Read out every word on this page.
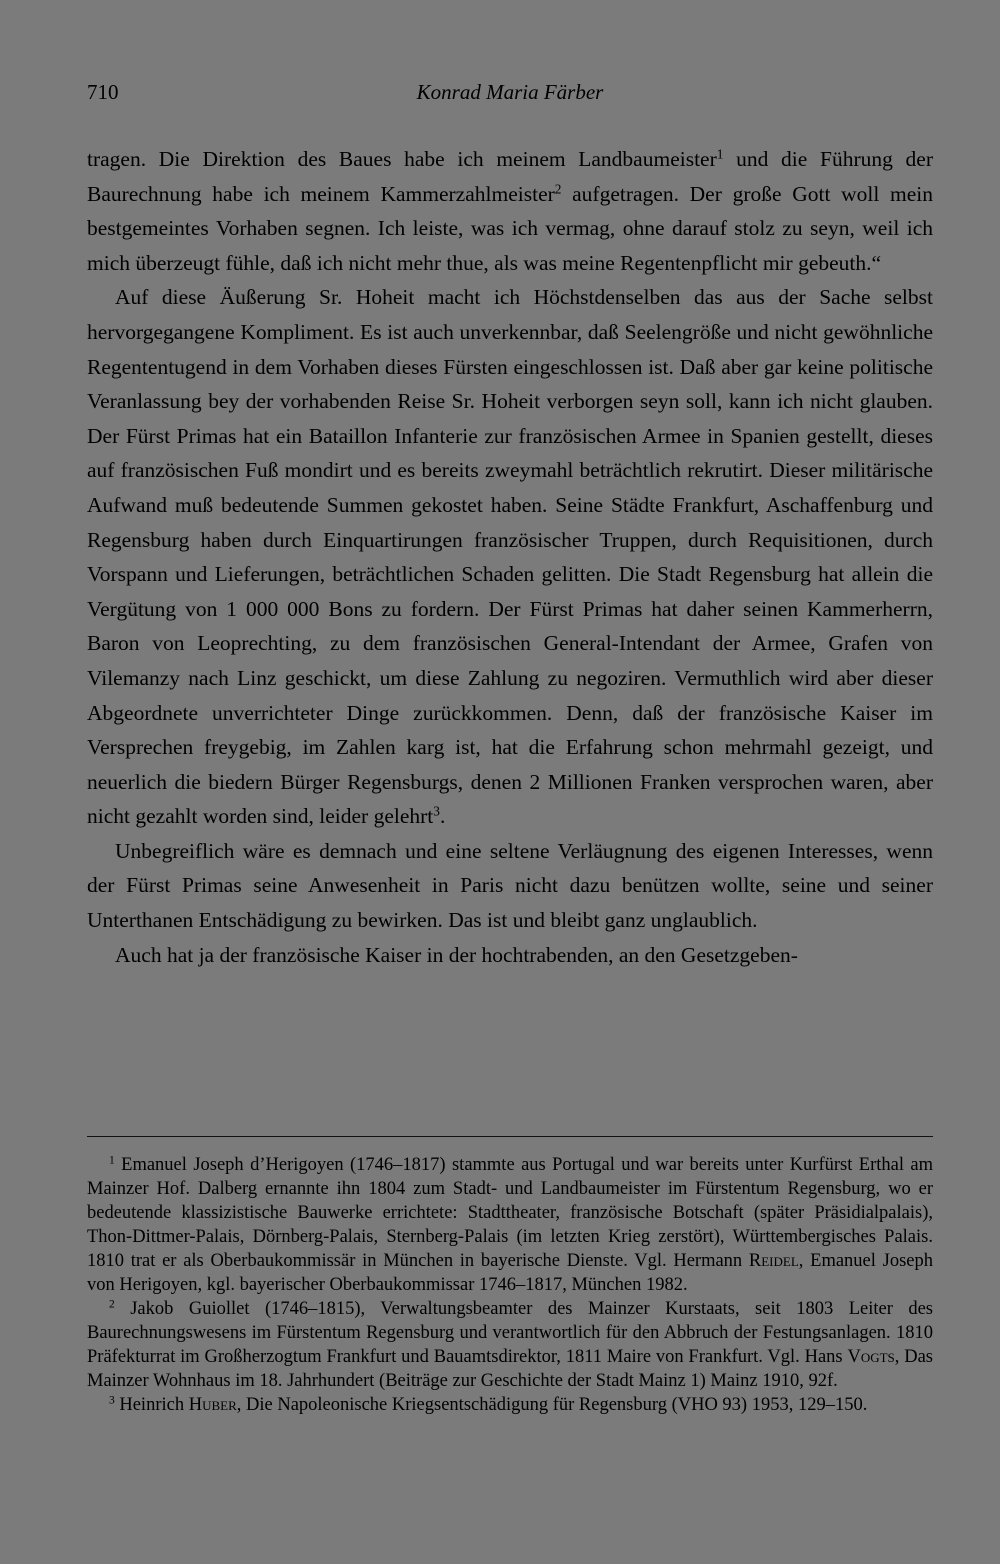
710	Konrad Maria Färber

tragen. Die Direktion des Baues habe ich meinem Landbaumeister$^1$ und die Führung der Baurechnung habe ich meinem Kammerzahlmeister$^2$ aufgetragen. Der große Gott woll mein bestgemeintes Vorhaben segnen. Ich leiste, was ich vermag, ohne darauf stolz zu seyn, weil ich mich überzeugt fühle, daß ich nicht mehr thue, als was meine Regentenpflicht mir gebeuth.“

Auf diese Äußerung Sr. Hoheit macht ich Höchstdenselben das aus der Sache selbst hervorgegangene Kompliment. Es ist auch unverkennbar, daß Seelengröße und nicht gewöhnliche Regententugend in dem Vorhaben dieses Fürsten eingeschlossen ist. Daß aber gar keine politische Veranlassung bey der vorhabenden Reise Sr. Hoheit verborgen seyn soll, kann ich nicht glauben. Der Fürst Primas hat ein Bataillon Infanterie zur französischen Armee in Spanien gestellt, dieses auf französischen Fuß mondirt und es bereits zweymahl beträchtlich rekrutirt. Dieser militärische Aufwand muß bedeutende Summen gekostet haben. Seine Städte Frankfurt, Aschaffenburg und Regensburg haben durch Einquartirungen französischer Truppen, durch Requisitionen, durch Vorspann und Lieferungen, beträchtlichen Schaden gelitten. Die Stadt Regensburg hat allein die Vergütung von 1 000 000 Bons zu fordern. Der Fürst Primas hat daher seinen Kammerherrn, Baron von Leoprechting, zu dem französischen General-Intendant der Armee, Grafen von Vilemanzy nach Linz geschickt, um diese Zahlung zu negoziren. Vermuthlich wird aber dieser Abgeordnete unverrichteter Dinge zurückkommen. Denn, daß der französische Kaiser im Versprechen freygebig, im Zahlen karg ist, hat die Erfahrung schon mehrmahl gezeigt, und neuerlich die biedern Bürger Regensburgs, denen 2 Millionen Franken versprochen waren, aber nicht gezahlt worden sind, leider gelehrt$^3$.

Unbegreiflich wäre es demnach und eine seltene Verläugnung des eigenen Interesses, wenn der Fürst Primas seine Anwesenheit in Paris nicht dazu benützen wollte, seine und seiner Unterthanen Entschädigung zu bewirken. Das ist und bleibt ganz unglaublich.

Auch hat ja der französische Kaiser in der hochtrabenden, an den Gesetzgeben-

$^1$ Emanuel Joseph d’Herigoyen (1746–1817) stammte aus Portugal und war bereits unter Kurfürst Erthal am Mainzer Hof. Dalberg ernannte ihn 1804 zum Stadt- und Landbaumeister im Fürstentum Regensburg, wo er bedeutende klassizistische Bauwerke errichtete: Stadttheater, französische Botschaft (später Präsidialpalais), Thon-Dittmer-Palais, Dörnberg-Palais, Sternberg-Palais (im letzten Krieg zerstört), Württembergisches Palais. 1810 trat er als Oberbaukommissär in München in bayerische Dienste. Vgl. Hermann Reidel, Emanuel Joseph von Herigoyen, kgl. bayerischer Oberbaukommissar 1746–1817, München 1982.

$^2$ Jakob Guiollet (1746–1815), Verwaltungsbeamter des Mainzer Kurstaats, seit 1803 Leiter des Baurechnungswesens im Fürstentum Regensburg und verantwortlich für den Abbruch der Festungsanlagen. 1810 Präfekturrat im Großherzogtum Frankfurt und Bauamtsdirektor, 1811 Maire von Frankfurt. Vgl. Hans Vogts, Das Mainzer Wohnhaus im 18. Jahrhundert (Beiträge zur Geschichte der Stadt Mainz 1) Mainz 1910, 92f.

$^3$ Heinrich Huber, Die Napoleonische Kriegsentschädigung für Regensburg (VHO 93) 1953, 129–150.
